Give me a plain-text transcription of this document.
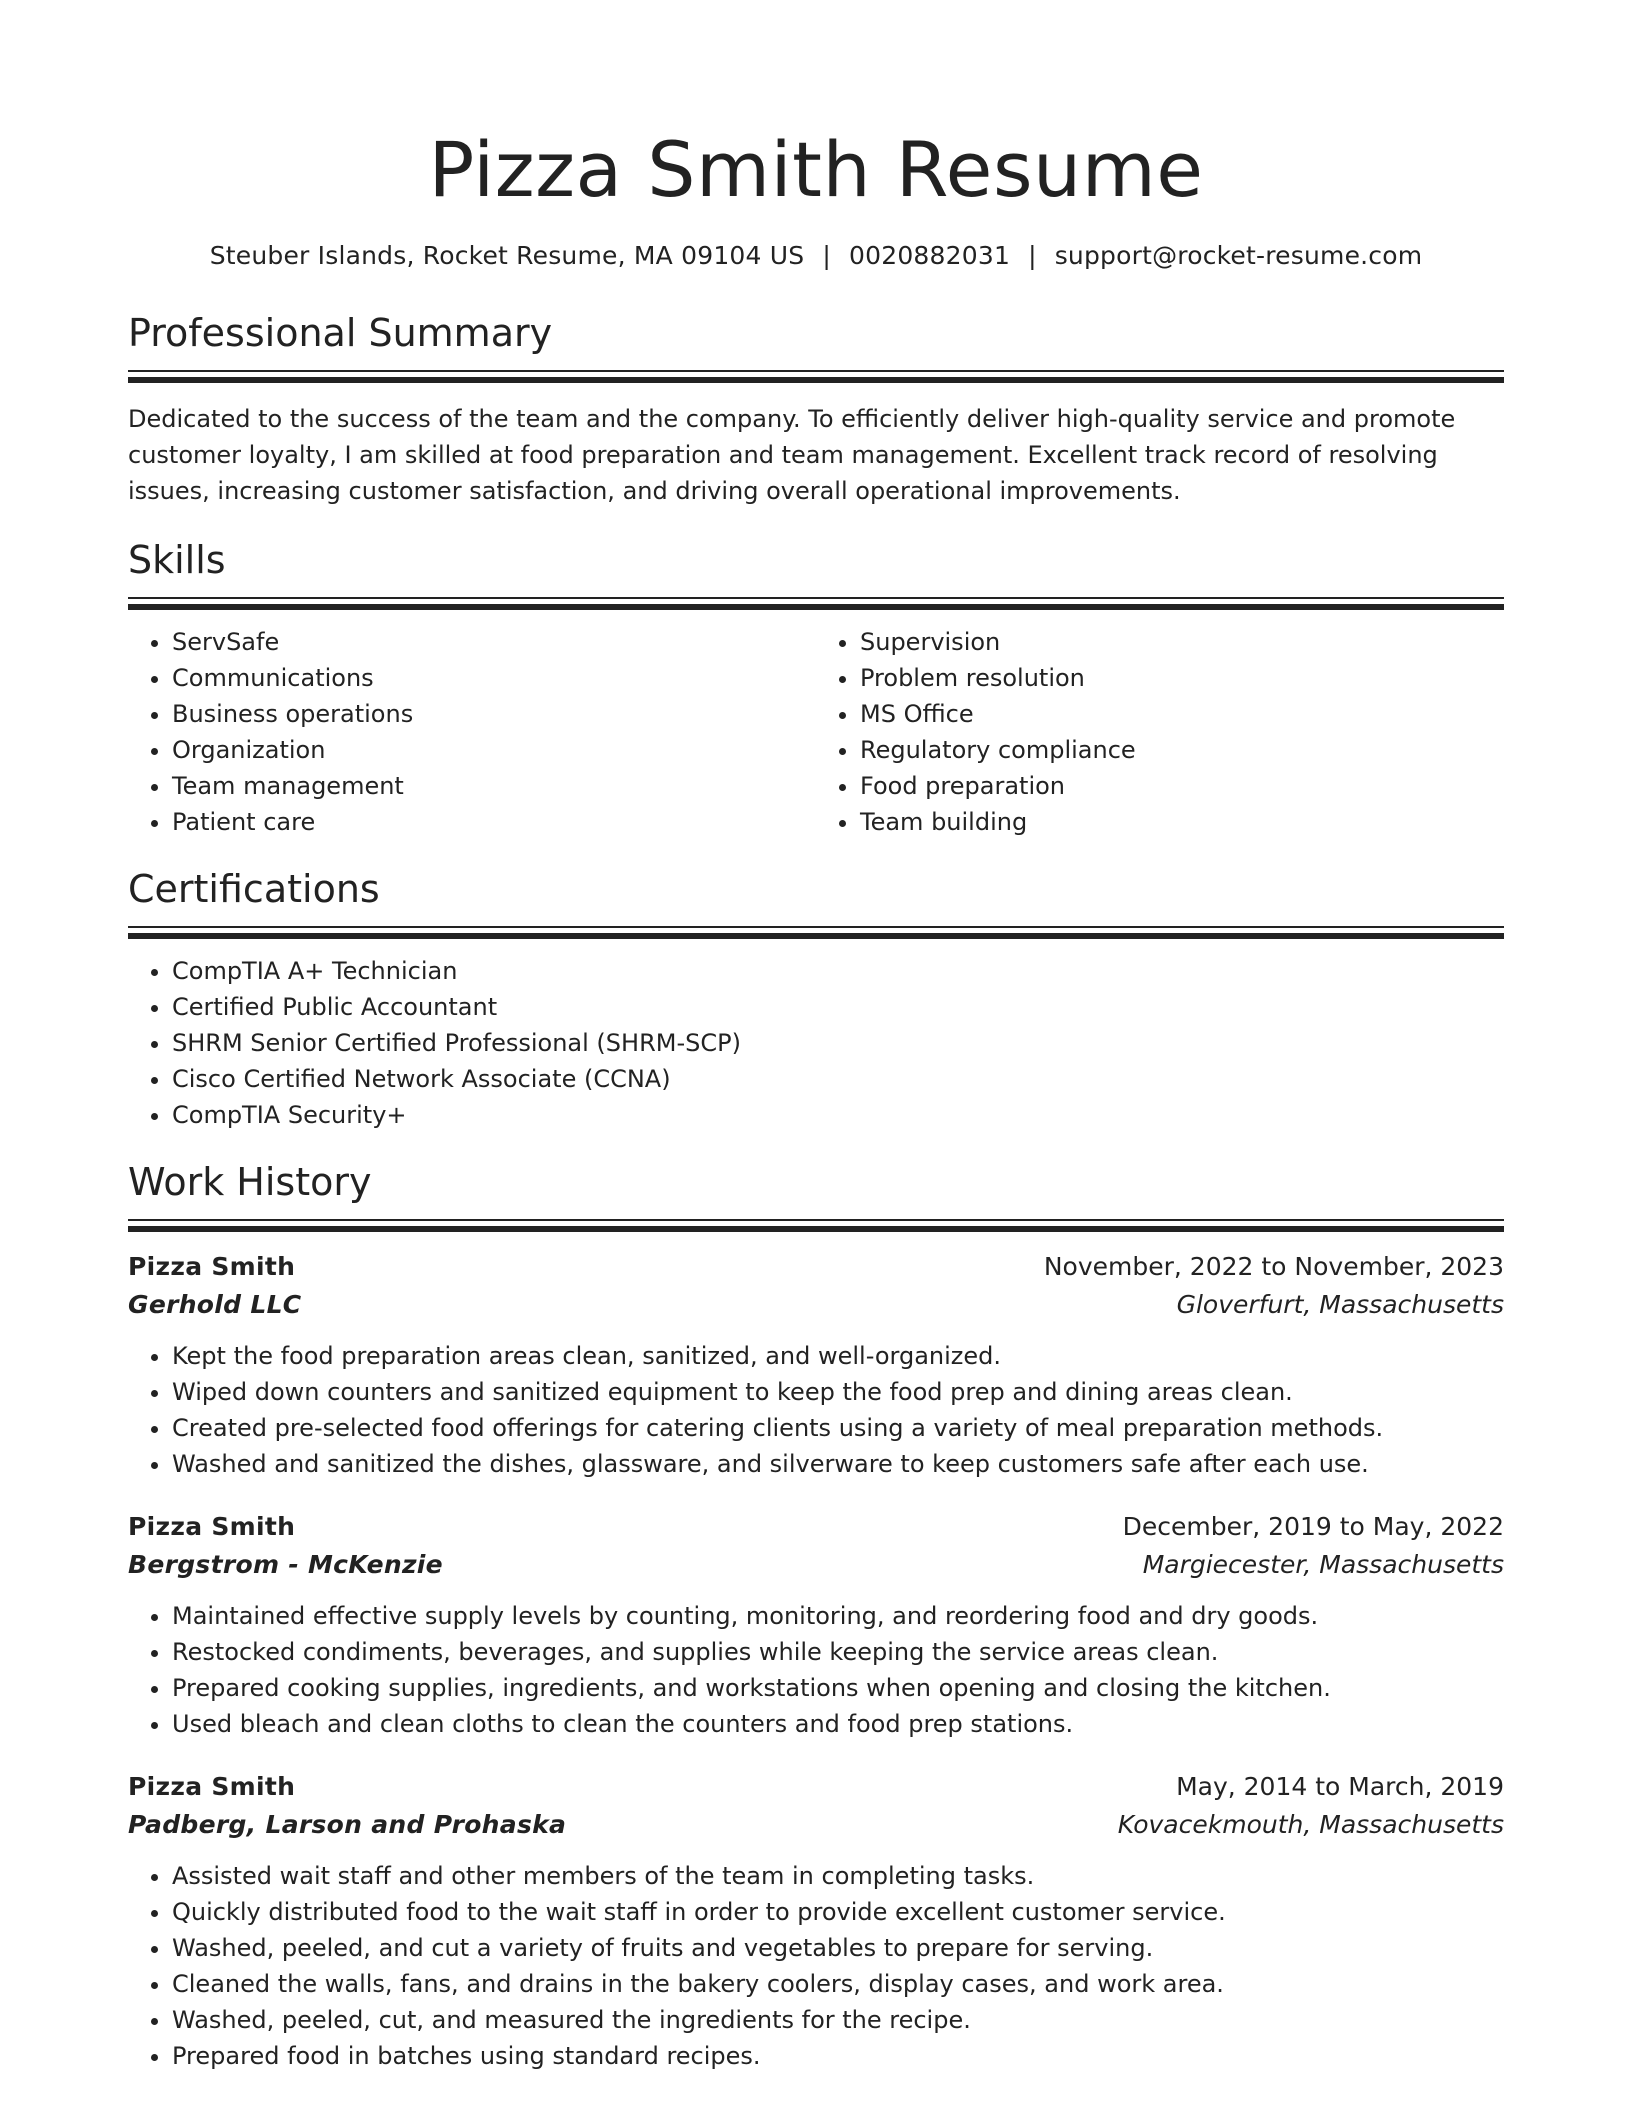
Pizza Smith Resume
Steuber Islands, Rocket Resume, MA 09104 US | 0020882031 | support@rocket-resume.com
Professional Summary

Dedicated to the success of the team and the company. To efficiently deliver high-quality service and promote customer loyalty, I am skilled at food preparation and team management. Excellent track record of resolving issues, increasing customer satisfaction, and driving overall operational improvements.

Skills
• ServSafe
• Communications
• Business operations
• Organization
• Team management
• Patient care
• Supervision
• Problem resolution
• MS Office
• Regulatory compliance
• Food preparation
• Team building
Certifications
• CompTIA A+ Technician
• Certified Public Accountant
• SHRM Senior Certified Professional (SHRM-SCP)
• Cisco Certified Network Associate (CCNA)
• CompTIA Security+
Work History
Pizza Smith	November, 2022 to November, 2023
Gerhold LLC	Gloverfurt, Massachusetts
• Kept the food preparation areas clean, sanitized, and well-organized.
• Wiped down counters and sanitized equipment to keep the food prep and dining areas clean.
• Created pre-selected food offerings for catering clients using a variety of meal preparation methods.
• Washed and sanitized the dishes, glassware, and silverware to keep customers safe after each use.
Pizza Smith	December, 2019 to May, 2022
Bergstrom - McKenzie	Margiecester, Massachusetts
• Maintained effective supply levels by counting, monitoring, and reordering food and dry goods.
• Restocked condiments, beverages, and supplies while keeping the service areas clean.
• Prepared cooking supplies, ingredients, and workstations when opening and closing the kitchen.
• Used bleach and clean cloths to clean the counters and food prep stations.
Pizza Smith	May, 2014 to March, 2019
Padberg, Larson and Prohaska	Kovacekmouth, Massachusetts
• Assisted wait staff and other members of the team in completing tasks.
• Quickly distributed food to the wait staff in order to provide excellent customer service.
• Washed, peeled, and cut a variety of fruits and vegetables to prepare for serving.
• Cleaned the walls, fans, and drains in the bakery coolers, display cases, and work area.
• Washed, peeled, cut, and measured the ingredients for the recipe.
• Prepared food in batches using standard recipes.
